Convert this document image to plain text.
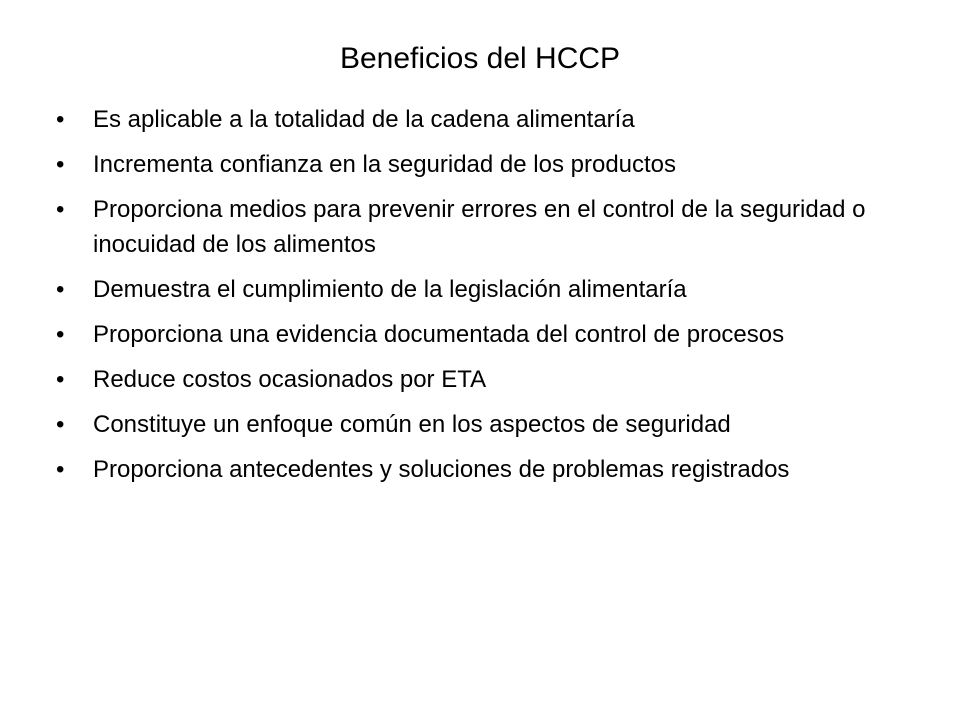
Beneficios del HCCP
•	Es aplicable a la totalidad de la cadena alimentaría
•	Incrementa confianza en la seguridad de los productos
•	Proporciona medios para prevenir errores en el control de la seguridad o inocuidad de los alimentos
•	Demuestra el cumplimiento de la legislación alimentaría
•	Proporciona una evidencia documentada del control de procesos
•	Reduce costos ocasionados por ETA
•	Constituye un enfoque común en los aspectos de seguridad
•	Proporciona antecedentes y soluciones de problemas registrados
